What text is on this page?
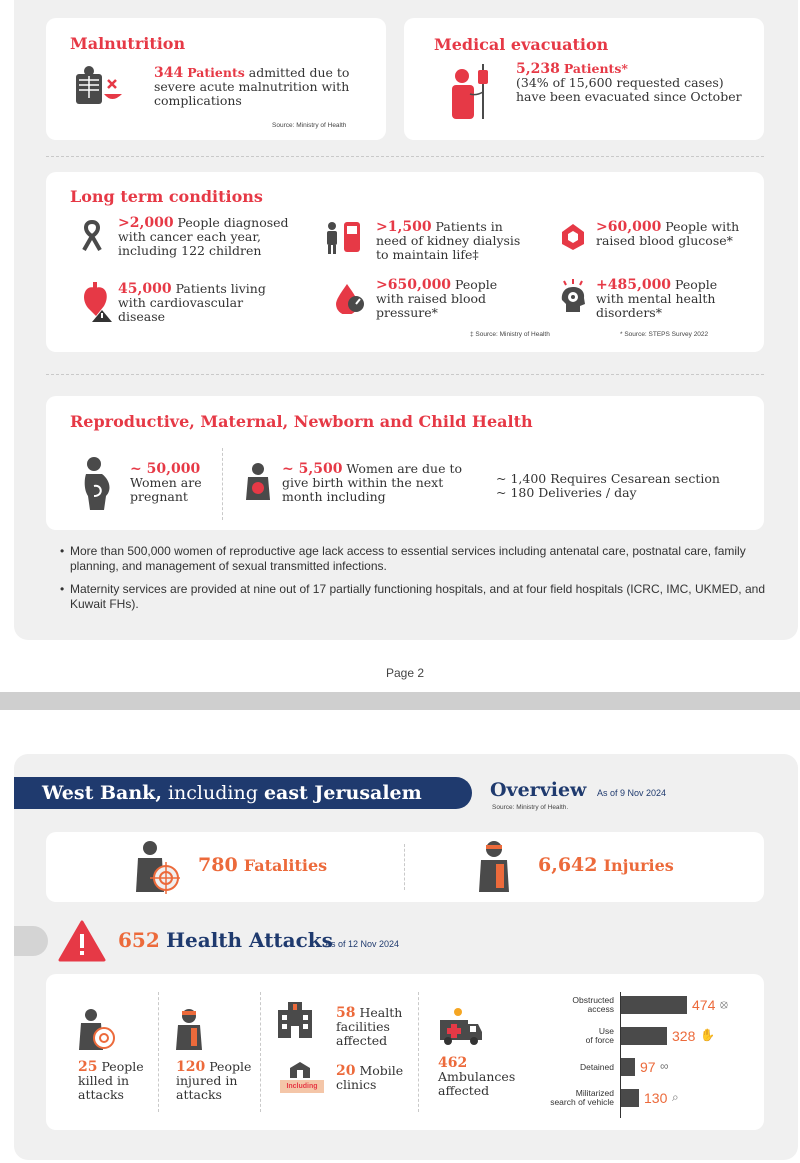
Malnutrition
344 Patients admitted due to
severe acute malnutrition with
complications
Source: Ministry of Health
Medical evacuation
5,238 Patients*
(34% of 15,600 requested cases)
have been evacuated since October
Long term conditions
>2,000 People diagnosed
with cancer each year,
including 122 children
>1,500 Patients in
need of kidney dialysis
to maintain life‡
>60,000 People with
raised blood glucose*
45,000 Patients living
with cardiovascular
disease
>650,000 People
with raised blood
pressure*
+485,000 People
with mental health
disorders*
‡ Source: Ministry of Health	* Source: STEPS Survey 2022
Reproductive, Maternal, Newborn and Child Health
~ 50,000
Women are
pregnant
~ 5,500 Women are due to
give birth within the next
month including
~ 1,400 Requires Cesarean section
~ 180 Deliveries / day
• More than 500,000 women of reproductive age lack access to essential services including antenatal care, postnatal care, family planning, and management of sexual transmitted infections.
• Maternity services are provided at nine out of 17 partially functioning hospitals, and at four field hospitals (ICRC, IMC, UKMED, and Kuwait FHs).
Page 2
West Bank, including east Jerusalem	Overview As of 9 Nov 2024
Source: Ministry of Health.
780 Fatalities	6,642 Injuries
652 Health Attacks
As of 12 Nov 2024
25 People
killed in
attacks
120 People
injured in
attacks
58 Health
facilities
affected
Including
20 Mobile
clinics
462
Ambulances
affected
Obstructed
access	474 ⦻
Use
of force	328 ✋
Detained 97 ∞
Militarized
search of vehicle 130 ⌕
